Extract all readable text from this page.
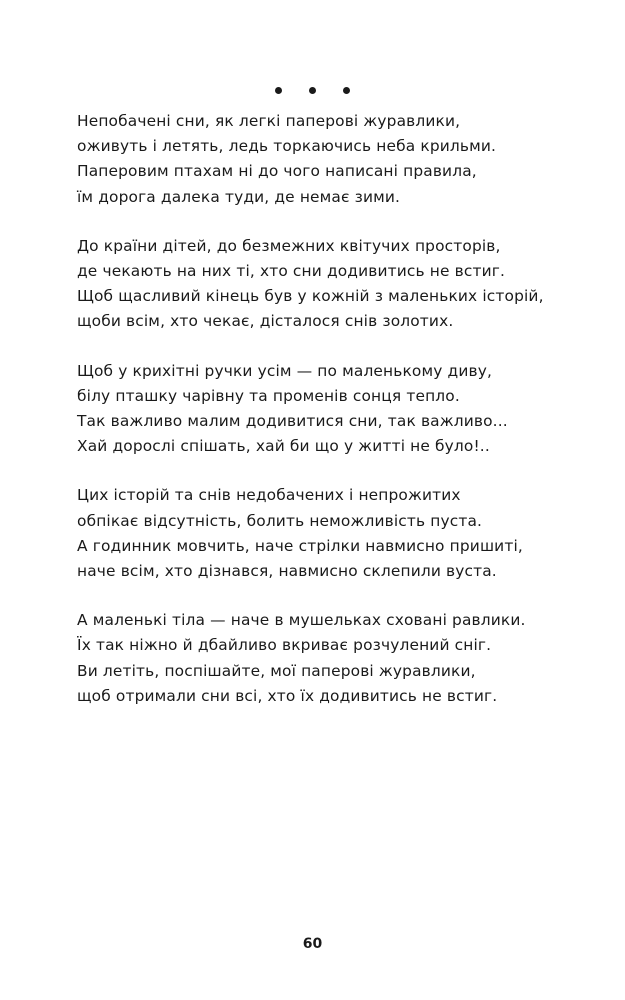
Непобачені сни, як легкі паперові журавлики,
оживуть і летять, ледь торкаючись неба крильми.
Паперовим птахам ні до чого написані правила,
їм дорога далека туди, де немає зими.
До країни дітей, до безмежних квітучих просторів,
де чекають на них ті, хто сни додивитись не встиг.
Щоб щасливий кінець був у кожній з маленьких історій,
щоби всім, хто чекає, дісталося снів золотих.
Щоб у крихітні ручки усім — по маленькому диву,
білу пташку чарівну та променів сонця тепло.
Так важливо малим додивитися сни, так важливо...
Хай дорослі спішать, хай би що у житті не було!..
Цих історій та снів недобачених і непрожитих
обпікає відсутність, болить неможливість пуста.
А годинник мовчить, наче стрілки навмисно пришиті,
наче всім, хто дізнався, навмисно склепили вуста.
А маленькі тіла — наче в мушельках сховані равлики.
Їх так ніжно й дбайливо вкриває розчулений сніг.
Ви летіть, поспішайте, мої паперові журавлики,
щоб отримали сни всі, хто їх додивитись не встиг.
60
